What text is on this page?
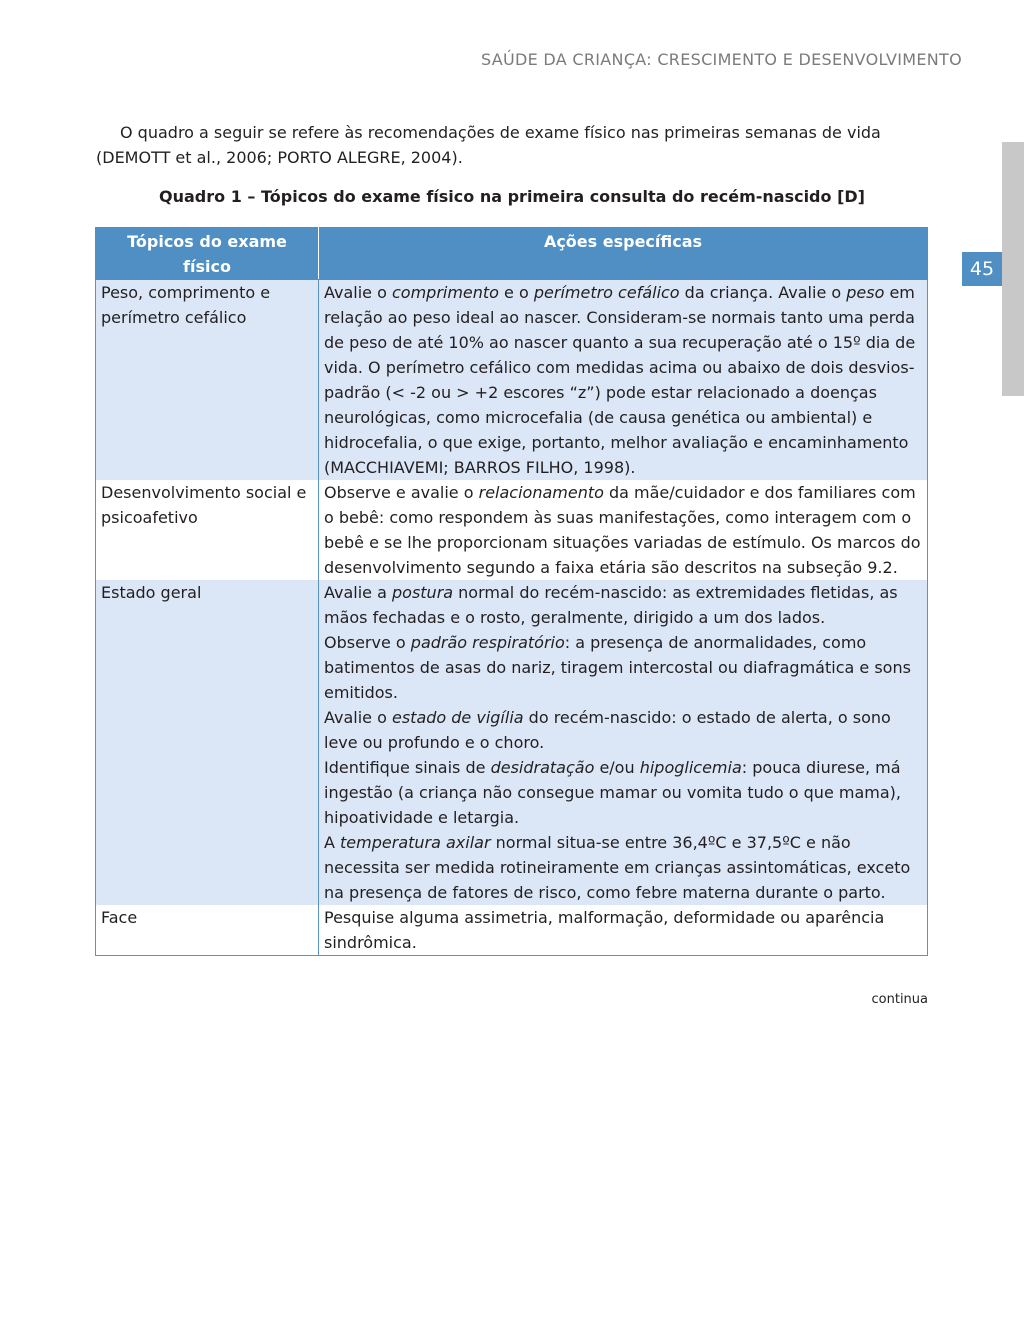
SAÚDE DA CRIANÇA: CRESCIMENTO E DESENVOLVIMENTO
45

O quadro a seguir se refere às recomendações de exame físico nas primeiras semanas de vida (DEMOTT et al., 2006; PORTO ALEGRE, 2004).

Quadro 1 – Tópicos do exame físico na primeira consulta do recém-nascido [D]
Tópicos do exame físico	Ações específicas
Peso, comprimento e perímetro cefálico	Avalie o comprimento e o perímetro cefálico da criança. Avalie o peso em relação ao peso ideal ao nascer. Consideram-se normais tanto uma perda de peso de até 10% ao nascer quanto a sua recuperação até o 15º dia de vida. O perímetro cefálico com medidas acima ou abaixo de dois desvios-padrão (< -2 ou > +2 escores “z”) pode estar relacionado a doenças neurológicas, como microcefalia (de causa genética ou ambiental) e hidrocefalia, o que exige, portanto, melhor avaliação e encaminhamento (MACCHIAVEMI; BARROS FILHO, 1998).

Desenvolvimento social e psicoafetivo	Observe e avalie o relacionamento da mãe/cuidador e dos familiares com o bebê: como respondem às suas manifestações, como interagem com o bebê e se lhe proporcionam situações variadas de estímulo. Os marcos do desenvolvimento segundo a faixa etária são descritos na subseção 9.2.

Estado geral	Avalie a postura normal do recém-nascido: as extremidades fletidas, as mãos fechadas e o rosto, geralmente, dirigido a um dos lados.
Observe o padrão respiratório: a presença de anormalidades, como batimentos de asas do nariz, tiragem intercostal ou diafragmática e sons emitidos.
Avalie o estado de vigília do recém-nascido: o estado de alerta, o sono leve ou profundo e o choro.
Identifique sinais de desidratação e/ou hipoglicemia: pouca diurese, má ingestão (a criança não consegue mamar ou vomita tudo o que mama), hipoatividade e letargia.
A temperatura axilar normal situa-se entre 36,4ºC e 37,5ºC e não necessita ser medida rotineiramente em crianças assintomáticas, exceto na presença de fatores de risco, como febre materna durante o parto.

Face	Pesquise alguma assimetria, malformação, deformidade ou aparência sindrômica.
continua
